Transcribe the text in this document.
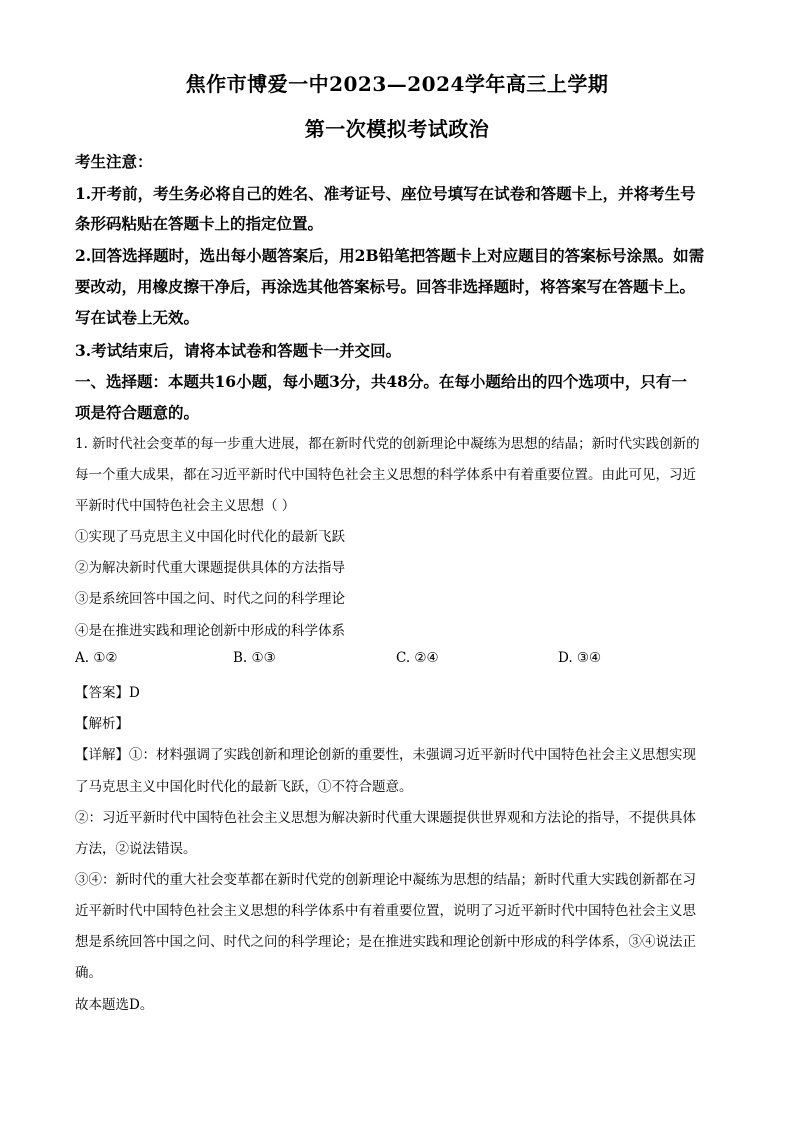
焦作市博爱一中2023—2024学年高三上学期
第一次模拟考试政治
考生注意：
1.开考前，考生务必将自己的姓名、准考证号、座位号填写在试卷和答题卡上，并将考生号
条形码粘贴在答题卡上的指定位置。
2.回答选择题时，选出每小题答案后，用2B铅笔把答题卡上对应题目的答案标号涂黑。如需
要改动，用橡皮擦干净后，再涂选其他答案标号。回答非选择题时，将答案写在答题卡上。
写在试卷上无效。
3.考试结束后，请将本试卷和答题卡一并交回。
一、选择题：本题共16小题，每小题3分，共48分。在每小题给出的四个选项中，只有一
项是符合题意的。
1. 新时代社会变革的每一步重大进展，都在新时代党的创新理论中凝练为思想的结晶；新时代实践创新的
每一个重大成果，都在习近平新时代中国特色社会主义思想的科学体系中有着重要位置。由此可见，习近
平新时代中国特色社会主义思想（ ）
①实现了马克思主义中国化时代化的最新飞跃
②为解决新时代重大课题提供具体的方法指导
③是系统回答中国之问、时代之问的科学理论
④是在推进实践和理论创新中形成的科学体系
A. ①②	B. ①③	C. ②④	D. ③④
【答案】D
【解析】
【详解】①：材料强调了实践创新和理论创新的重要性，未强调习近平新时代中国特色社会主义思想实现
了马克思主义中国化时代化的最新飞跃，①不符合题意。
②：习近平新时代中国特色社会主义思想为解决新时代重大课题提供世界观和方法论的指导，不提供具体
方法，②说法错误。
③④：新时代的重大社会变革都在新时代党的创新理论中凝练为思想的结晶；新时代重大实践创新都在习
近平新时代中国特色社会主义思想的科学体系中有着重要位置，说明了习近平新时代中国特色社会主义思
想是系统回答中国之问、时代之问的科学理论；是在推进实践和理论创新中形成的科学体系，③④说法正
确。
故本题选D。
